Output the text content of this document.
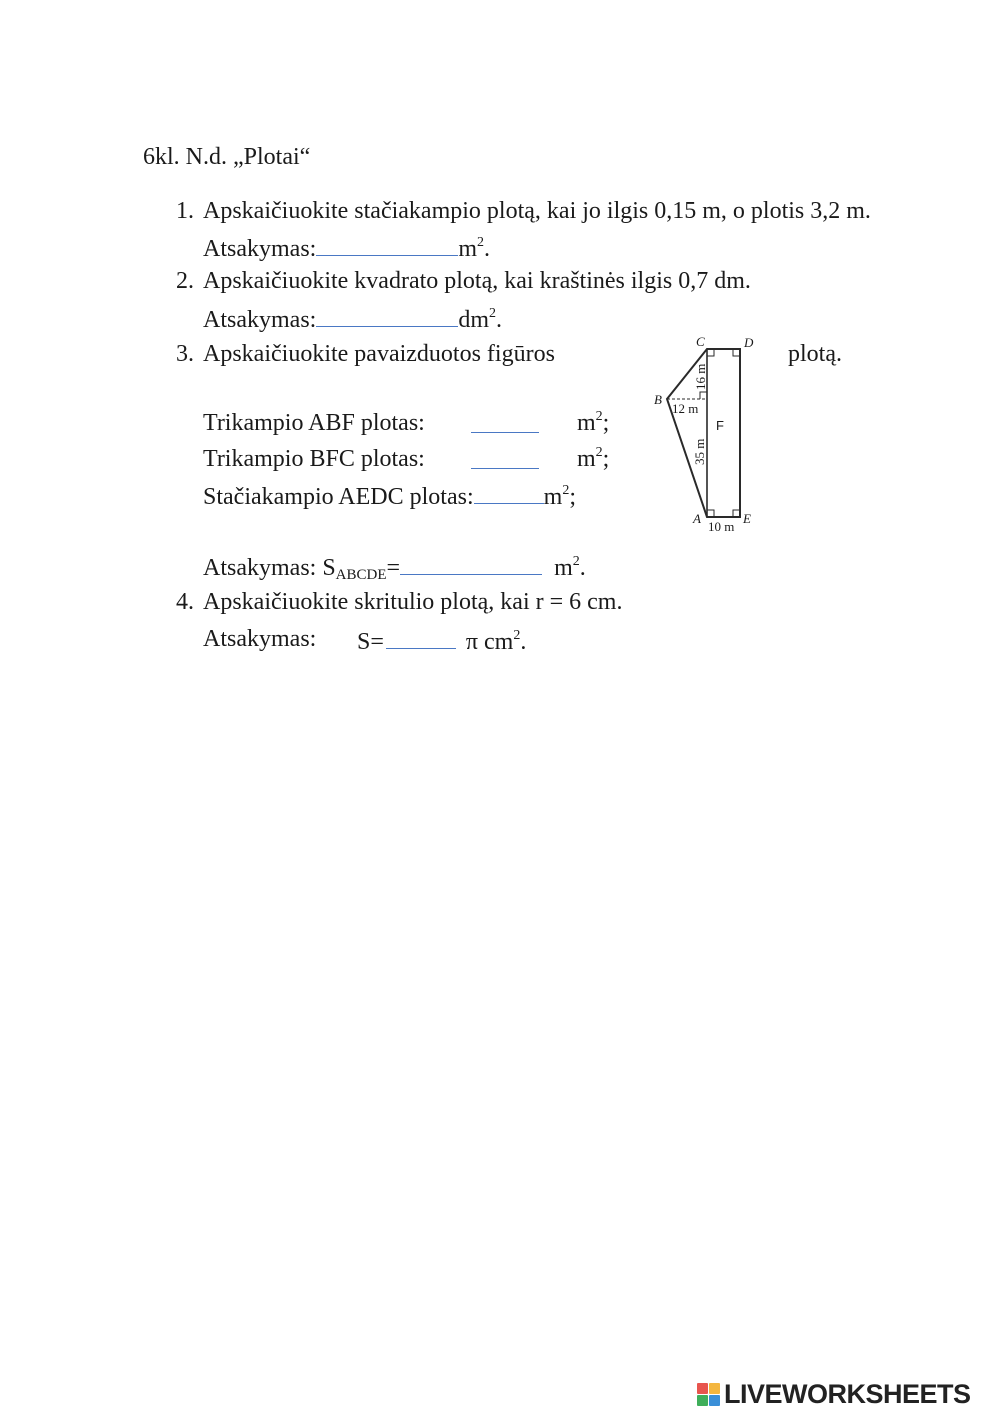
6kl. N.d. „Plotai“
1. Apskaičiuokite stačiakampio plotą, kai jo ilgis 0,15 m, o plotis 3,2 m.
Atsakymas:	$m^2$.
2. Apskaičiuokite kvadrato plotą, kai kraštinės ilgis 0,7 dm.
Atsakymas:	$dm^2$.
3. Apskaičiuokite pavaizduotos figūros	plotą.
Trikampio ABF plotas:	$m^2$;
Trikampio BFC plotas:	$m^2$;
Stačiakampio AEDC plotas:	$m^2$;
Atsakymas: $S_{ABCDE}=$	$m^2$.
C	D
B
A	E
F
16 m
12 m
35 m
10 m
4. Apskaičiuokite skritulio plotą, kai r = 6 cm.
Atsakymas: S=	π $cm^2$.
LIVEWORKSHEETS
